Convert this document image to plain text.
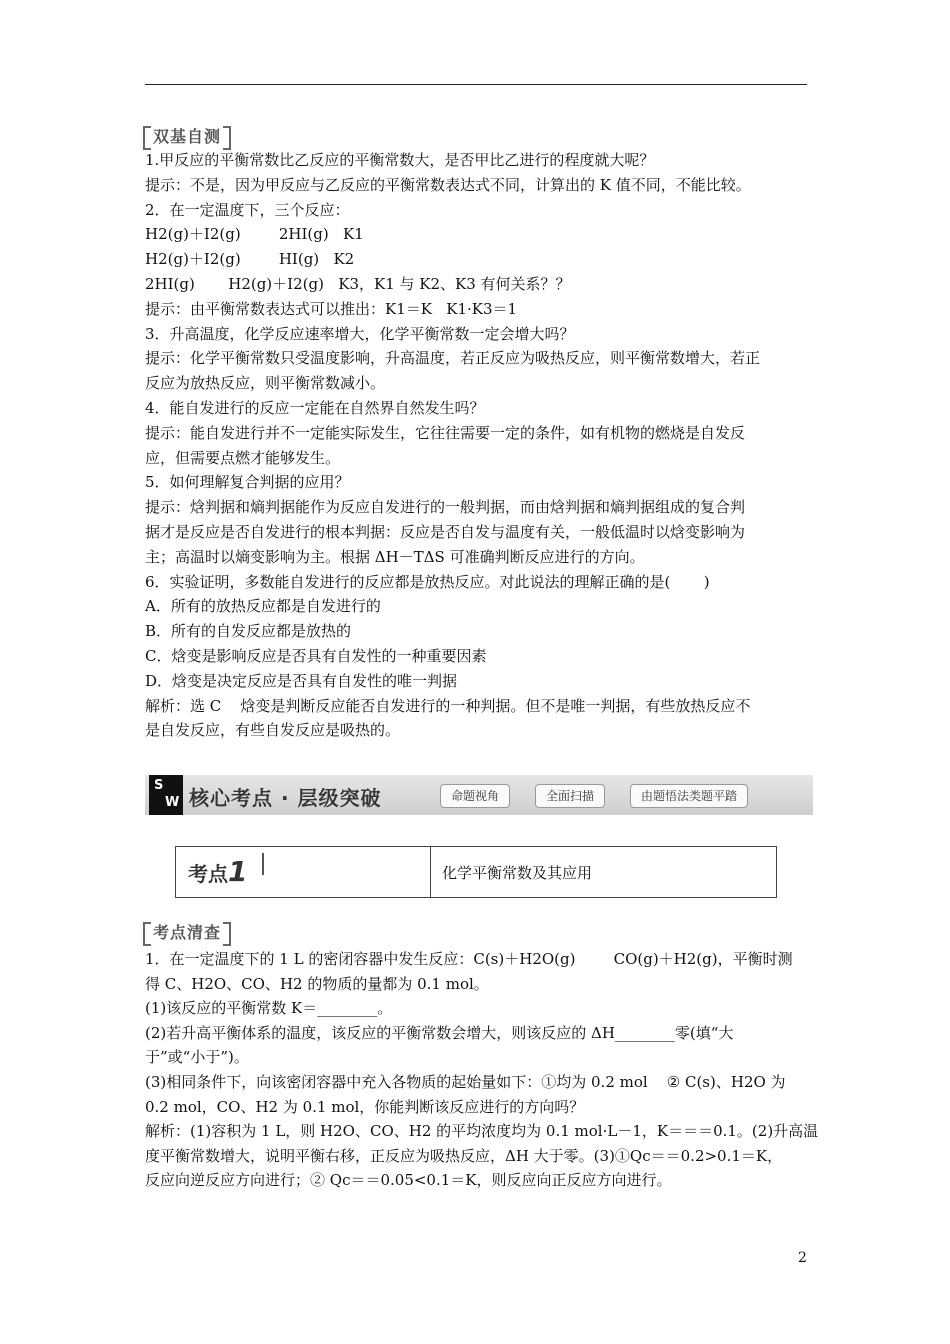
双基自测
1.甲反应的平衡常数比乙反应的平衡常数大，是否甲比乙进行的程度就大呢？
提示：不是，因为甲反应与乙反应的平衡常数表达式不同，计算出的 K 值不同，不能比较。
2．在一定温度下，三个反应：
H2(g)＋I2(g)        2HI(g)   K1
H2(g)＋I2(g)        HI(g)   K2
2HI(g)       H2(g)＋I2(g)   K3，K1 与 K2、K3 有何关系？？
提示：由平衡常数表达式可以推出：K1＝K   K1·K3＝1
3．升高温度，化学反应速率增大，化学平衡常数一定会增大吗？
提示：化学平衡常数只受温度影响，升高温度，若正反应为吸热反应，则平衡常数增大，若正
反应为放热反应，则平衡常数减小。
4．能自发进行的反应一定能在自然界自然发生吗？
提示：能自发进行并不一定能实际发生，它往往需要一定的条件，如有机物的燃烧是自发反
应，但需要点燃才能够发生。
5．如何理解复合判据的应用？
提示：焓判据和熵判据能作为反应自发进行的一般判据，而由焓判据和熵判据组成的复合判
据才是反应是否自发进行的根本判据：反应是否自发与温度有关，一般低温时以焓变影响为
主；高温时以熵变影响为主。根据 ΔH－TΔS 可准确判断反应进行的方向。
6．实验证明，多数能自发进行的反应都是放热反应。对此说法的理解正确的是(       )
A．所有的放热反应都是自发进行的
B．所有的自发反应都是放热的
C．焓变是影响反应是否具有自发性的一种重要因素
D．焓变是决定反应是否具有自发性的唯一判据
解析：选 C    焓变是判断反应能否自发进行的一种判据。但不是唯一判据，有些放热反应不
是自发反应，有些自发反应是吸热的。
S
W 核心考点 · 层级突破	命题视角	全面扫描	由题悟法类题平踏
考点1	化学平衡常数及其应用
考点清查
1．在一定温度下的 1 L 的密闭容器中发生反应：C(s)＋H2O(g)        CO(g)＋H2(g)，平衡时测
得 C、H2O、CO、H2 的物质的量都为 0.1 mol。
(1)该反应的平衡常数 K＝________。
(2)若升高平衡体系的温度，该反应的平衡常数会增大，则该反应的 ΔH________零(填“大
于”或“小于”)。
(3)相同条件下，向该密闭容器中充入各物质的起始量如下：①均为 0.2 mol    ② C(s)、H2O 为
0.2 mol，CO、H2 为 0.1 mol，你能判断该反应进行的方向吗？
解析：(1)容积为 1 L，则 H2O、CO、H2 的平均浓度均为 0.1 mol·L－1，K＝＝＝0.1。(2)升高温
度平衡常数增大，说明平衡右移，正反应为吸热反应，ΔH 大于零。(3)①Qc＝＝0.2>0.1＝K，
反应向逆反应方向进行；② Qc＝＝0.05<0.1＝K，则反应向正反应方向进行。
2
